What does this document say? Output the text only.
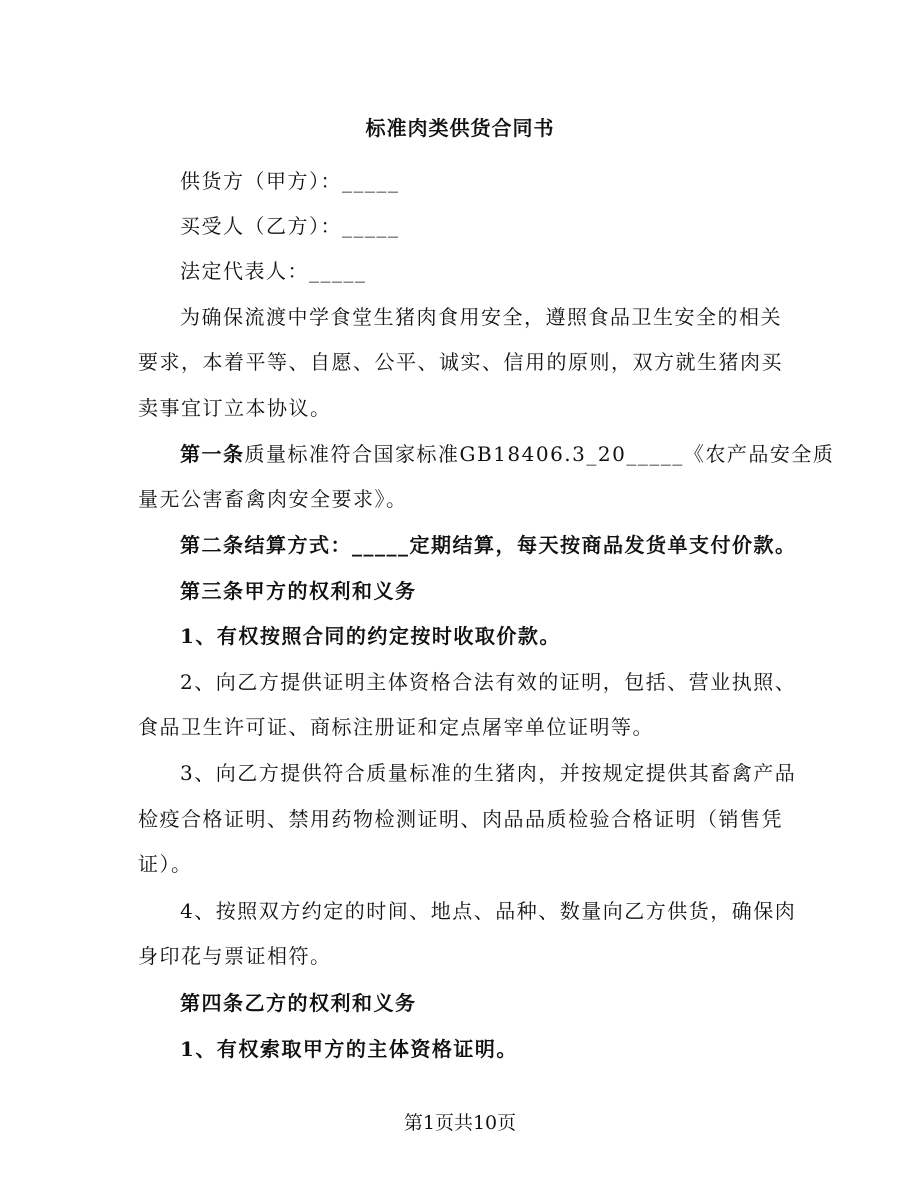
标准肉类供货合同书
供货方（甲方）：_____
买受人（乙方）：_____
法定代表人：_____
为确保流渡中学食堂生猪肉食用安全，遵照食品卫生安全的相关
要求，本着平等、自愿、公平、诚实、信用的原则，双方就生猪肉买
卖事宜订立本协议。
第一条质量标准符合国家标准GB18406.3_20_____《农产品安全质
量无公害畜禽肉安全要求》。
第二条结算方式：_____定期结算，每天按商品发货单支付价款。
第三条甲方的权利和义务
1、有权按照合同的约定按时收取价款。
2、向乙方提供证明主体资格合法有效的证明，包括、营业执照、
食品卫生许可证、商标注册证和定点屠宰单位证明等。
3、向乙方提供符合质量标准的生猪肉，并按规定提供其畜禽产品
检疫合格证明、禁用药物检测证明、肉品品质检验合格证明（销售凭
证）。
4、按照双方约定的时间、地点、品种、数量向乙方供货，确保肉
身印花与票证相符。
第四条乙方的权利和义务
1、有权索取甲方的主体资格证明。
第1页共10页
